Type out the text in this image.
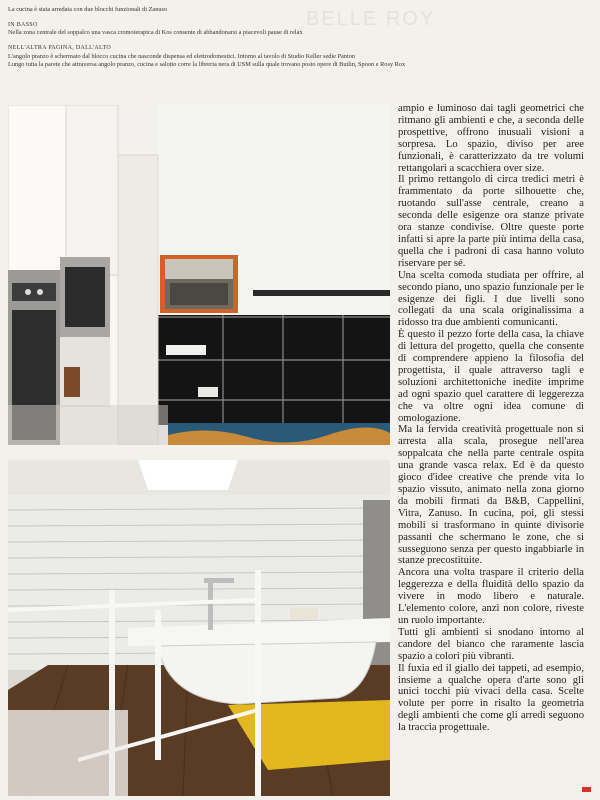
La cucina è stata arredata con due blocchi funzionali di Zanuso

IN BASSO

Nella zona centrale del soppalco una vasca cromoterapica di Kos consente di abbandonarsi a piacevoli pause di relax

NELL'ALTRA PAGINA, DALL'ALTO

L'angolo pranzo è schermato dal blocco cucina che nasconde dispensa ed elettrodomestici. Intorno al tavolo di Studio Keller sedie Panton

Lungo tutta la parete che attraversa angolo pranzo, cucina e salotto corre la libreria nera di USM sulla quale trovano posto opere di Butlin, Spoon e Rosy Rox

BELLE ROY

ampio e luminoso dai tagli geometrici che ritmano gli ambienti e che, a seconda delle prospettive, offrono inusuali visioni a sorpresa. Lo spazio, diviso per aree funzionali, è caratterizzato da tre volumi rettangolari a scacchiera over size.

Il primo rettangolo di circa tredici metri è frammentato da porte silhouette che, ruotando sull'asse centrale, creano a seconda delle esigenze ora stanze private ora stanze condivise. Oltre queste porte infatti si apre la parte più intima della casa, quella che i padroni di casa hanno voluto riservare per sé.

Una scelta comoda studiata per offrire, al secondo piano, uno spazio funzionale per le esigenze dei figli. I due livelli sono collegati da una scala originalissima a ridosso tra due ambienti comunicanti.

È questo il pezzo forte della casa, la chiave di lettura del progetto, quella che consente di comprendere appieno la filosofia del progettista, il quale attraverso tagli e soluzioni architettoniche inedite imprime ad ogni spazio quel carattere di leggerezza che va oltre ogni idea comune di omologazione.

Ma la fervida creatività progettuale non si arresta alla scala, prosegue nell'area soppalcata che nella parte centrale ospita una grande vasca relax. Ed è da questo gioco d'idee creative che prende vita lo spazio vissuto, animato nella zona giorno da mobili firmati da B&B, Cappellini, Vitra, Zanuso. In cucina, poi, gli stessi mobili si trasformano in quinte divisorie passanti che schermano le zone, che si susseguono senza per questo ingabbiarle in stanze precostituite.

Ancora una volta traspare il criterio della leggerezza e della fluidità dello spazio da vivere in modo libero e naturale. L'elemento colore, anzi non colore, riveste un ruolo importante.

Tutti gli ambienti si snodano intorno al candore del bianco che raramente lascia spazio a colori più vibranti.

Il fuxia ed il giallo dei tappeti, ad esempio, insieme a qualche opera d'arte sono gli unici tocchi più vivaci della casa. Scelte volute per porre in risalto la geometria degli ambienti che come gli arredi seguono la traccia progettuale.
